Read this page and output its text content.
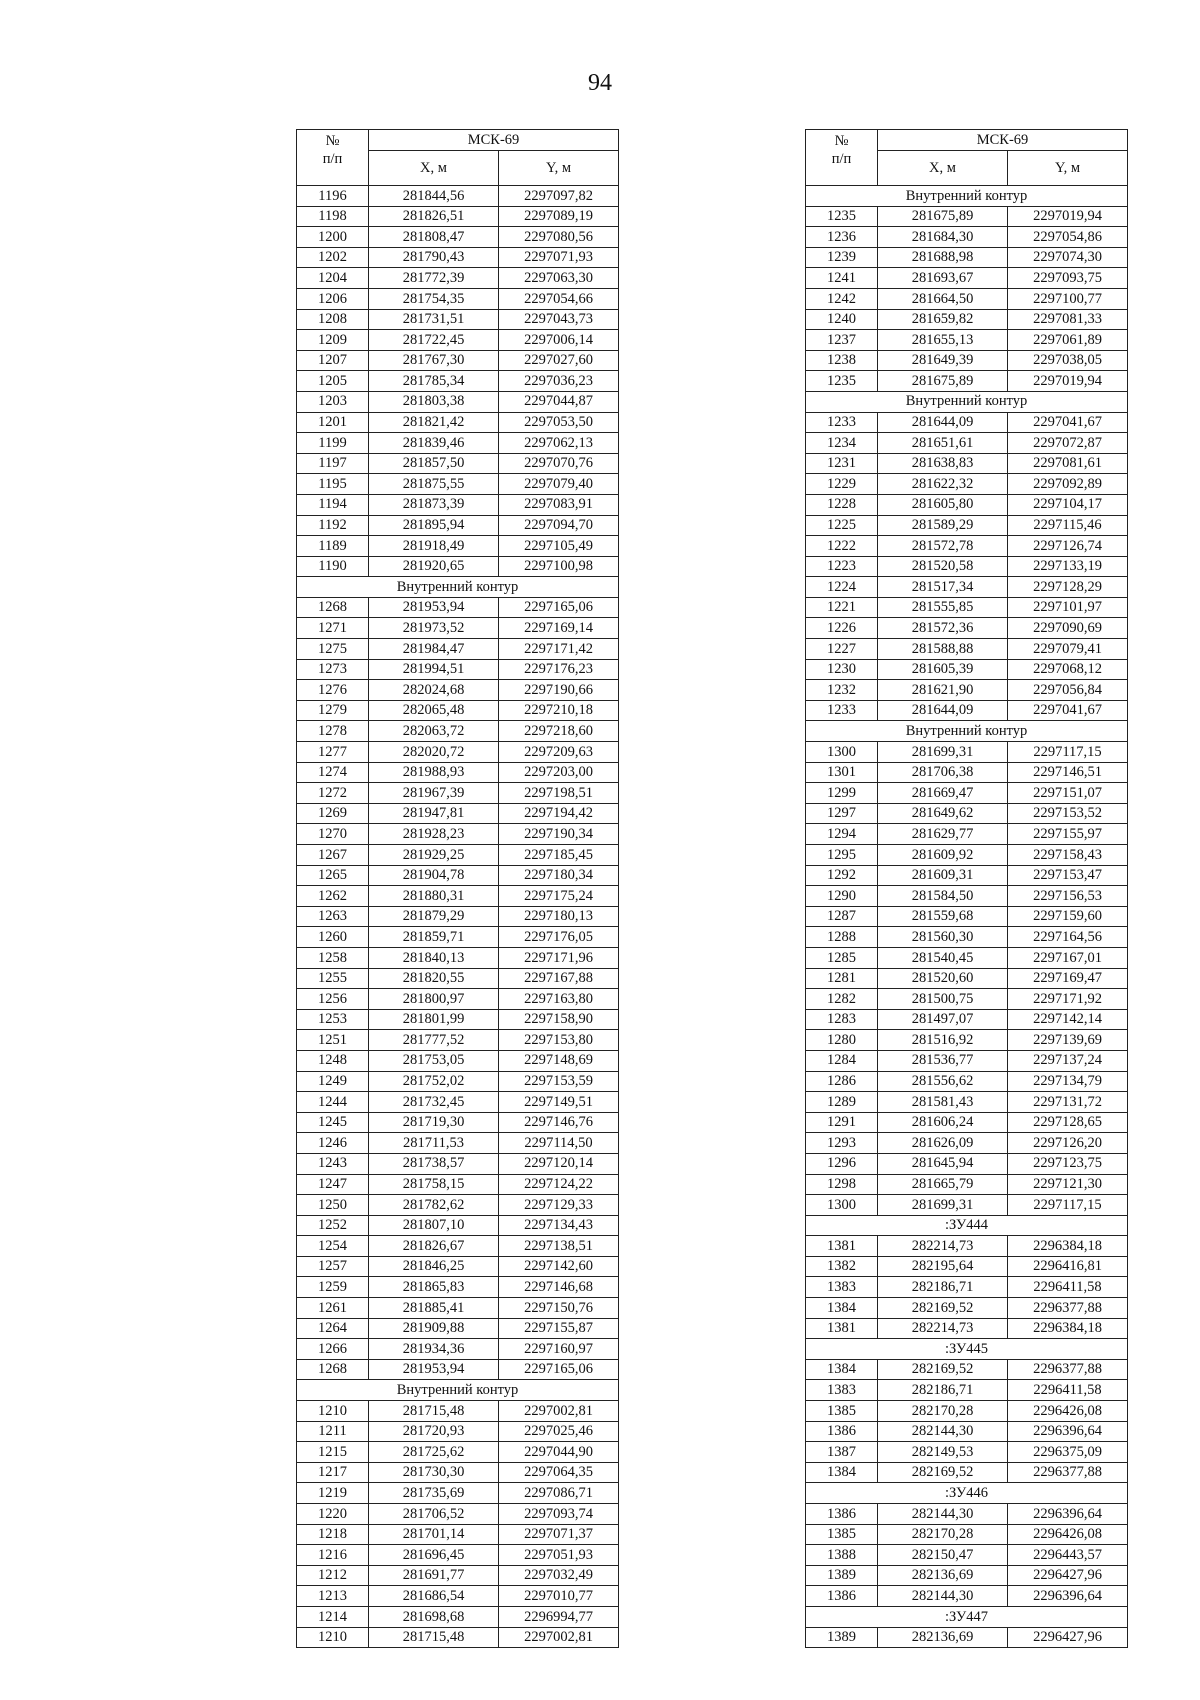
94
№
п/п	МСК-69	
	X, м	Y, м
1196	281844,56	2297097,82
1198	281826,51	2297089,19
1200	281808,47	2297080,56
1202	281790,43	2297071,93
1204	281772,39	2297063,30
1206	281754,35	2297054,66
1208	281731,51	2297043,73
1209	281722,45	2297006,14
1207	281767,30	2297027,60
1205	281785,34	2297036,23
1203	281803,38	2297044,87
1201	281821,42	2297053,50
1199	281839,46	2297062,13
1197	281857,50	2297070,76
1195	281875,55	2297079,40
1194	281873,39	2297083,91
1192	281895,94	2297094,70
1189	281918,49	2297105,49
1190	281920,65	2297100,98
Внутренний контур		
1268	281953,94	2297165,06
1271	281973,52	2297169,14
1275	281984,47	2297171,42
1273	281994,51	2297176,23
1276	282024,68	2297190,66
1279	282065,48	2297210,18
1278	282063,72	2297218,60
1277	282020,72	2297209,63
1274	281988,93	2297203,00
1272	281967,39	2297198,51
1269	281947,81	2297194,42
1270	281928,23	2297190,34
1267	281929,25	2297185,45
1265	281904,78	2297180,34
1262	281880,31	2297175,24
1263	281879,29	2297180,13
1260	281859,71	2297176,05
1258	281840,13	2297171,96
1255	281820,55	2297167,88
1256	281800,97	2297163,80
1253	281801,99	2297158,90
1251	281777,52	2297153,80
1248	281753,05	2297148,69
1249	281752,02	2297153,59
1244	281732,45	2297149,51
1245	281719,30	2297146,76
1246	281711,53	2297114,50
1243	281738,57	2297120,14
1247	281758,15	2297124,22
1250	281782,62	2297129,33
1252	281807,10	2297134,43
1254	281826,67	2297138,51
1257	281846,25	2297142,60
1259	281865,83	2297146,68
1261	281885,41	2297150,76
1264	281909,88	2297155,87
1266	281934,36	2297160,97
1268	281953,94	2297165,06
Внутренний контур		
1210	281715,48	2297002,81
1211	281720,93	2297025,46
1215	281725,62	2297044,90
1217	281730,30	2297064,35
1219	281735,69	2297086,71
1220	281706,52	2297093,74
1218	281701,14	2297071,37
1216	281696,45	2297051,93
1212	281691,77	2297032,49
1213	281686,54	2297010,77
1214	281698,68	2296994,77
1210	281715,48	2297002,81
№
п/п	МСК-69	
	X, м	Y, м
Внутренний контур		
1235	281675,89	2297019,94
1236	281684,30	2297054,86
1239	281688,98	2297074,30
1241	281693,67	2297093,75
1242	281664,50	2297100,77
1240	281659,82	2297081,33
1237	281655,13	2297061,89
1238	281649,39	2297038,05
1235	281675,89	2297019,94
Внутренний контур		
1233	281644,09	2297041,67
1234	281651,61	2297072,87
1231	281638,83	2297081,61
1229	281622,32	2297092,89
1228	281605,80	2297104,17
1225	281589,29	2297115,46
1222	281572,78	2297126,74
1223	281520,58	2297133,19
1224	281517,34	2297128,29
1221	281555,85	2297101,97
1226	281572,36	2297090,69
1227	281588,88	2297079,41
1230	281605,39	2297068,12
1232	281621,90	2297056,84
1233	281644,09	2297041,67
Внутренний контур		
1300	281699,31	2297117,15
1301	281706,38	2297146,51
1299	281669,47	2297151,07
1297	281649,62	2297153,52
1294	281629,77	2297155,97
1295	281609,92	2297158,43
1292	281609,31	2297153,47
1290	281584,50	2297156,53
1287	281559,68	2297159,60
1288	281560,30	2297164,56
1285	281540,45	2297167,01
1281	281520,60	2297169,47
1282	281500,75	2297171,92
1283	281497,07	2297142,14
1280	281516,92	2297139,69
1284	281536,77	2297137,24
1286	281556,62	2297134,79
1289	281581,43	2297131,72
1291	281606,24	2297128,65
1293	281626,09	2297126,20
1296	281645,94	2297123,75
1298	281665,79	2297121,30
1300	281699,31	2297117,15
:ЗУ444		
1381	282214,73	2296384,18
1382	282195,64	2296416,81
1383	282186,71	2296411,58
1384	282169,52	2296377,88
1381	282214,73	2296384,18
:ЗУ445		
1384	282169,52	2296377,88
1383	282186,71	2296411,58
1385	282170,28	2296426,08
1386	282144,30	2296396,64
1387	282149,53	2296375,09
1384	282169,52	2296377,88
:ЗУ446		
1386	282144,30	2296396,64
1385	282170,28	2296426,08
1388	282150,47	2296443,57
1389	282136,69	2296427,96
1386	282144,30	2296396,64
:ЗУ447		
1389	282136,69	2296427,96
